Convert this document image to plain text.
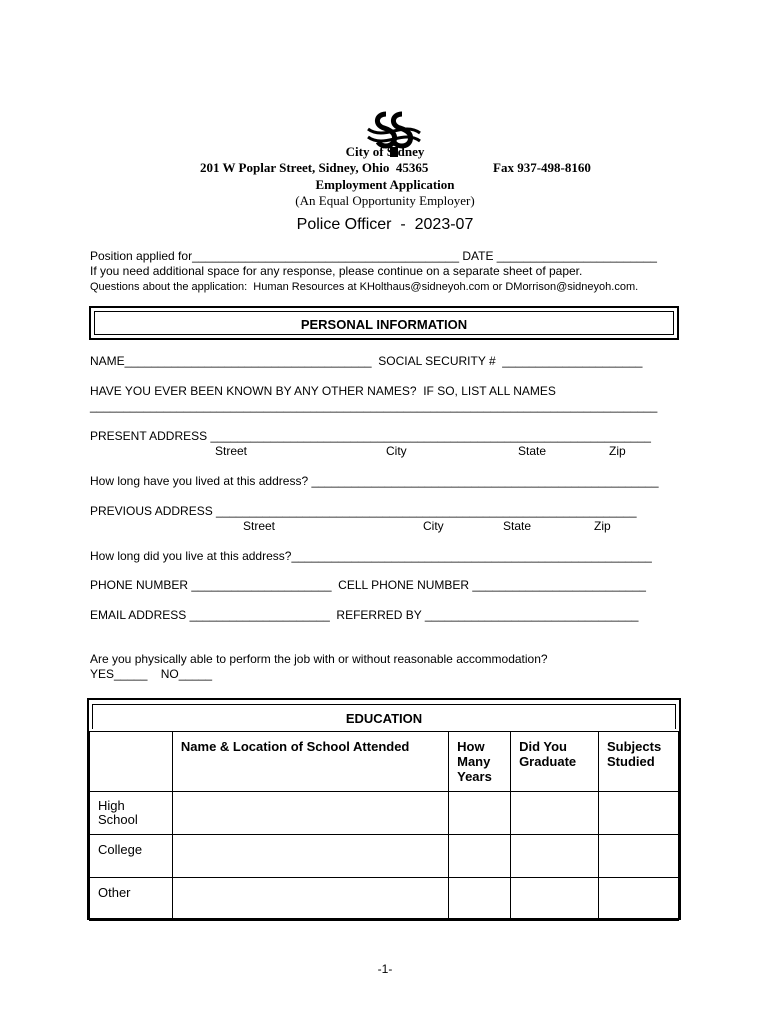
City of Sidney
201 W Poplar Street, Sidney, Ohio  45365	Fax 937-498-8160
Employment Application
(An Equal Opportunity Employer)
Police Officer  -  2023-07
Position applied for________________________________________ DATE ________________________
If you need additional space for any response, please continue on a separate sheet of paper.
Questions about the application:  Human Resources at KHolthaus@sidneyoh.com or DMorrison@sidneyoh.com.
PERSONAL INFORMATION
NAME_____________________________________  SOCIAL SECURITY #  _____________________
HAVE YOU EVER BEEN KNOWN BY ANY OTHER NAMES?  IF SO, LIST ALL NAMES
_____________________________________________________________________________________
PRESENT ADDRESS __________________________________________________________________
Street	City	State	Zip
How long have you lived at this address? ____________________________________________________
PREVIOUS ADDRESS _______________________________________________________________
Street	City	State	Zip
How long did you live at this address?______________________________________________________
PHONE NUMBER _____________________  CELL PHONE NUMBER __________________________
EMAIL ADDRESS _____________________  REFERRED BY ________________________________
Are you physically able to perform the job with or without reasonable accommodation?
YES_____    NO_____
EDUCATION
	Name & Location of School Attended	How
Many
Years	Did You
Graduate	Subjects
Studied
High
School				
College				
Other				
-1-
